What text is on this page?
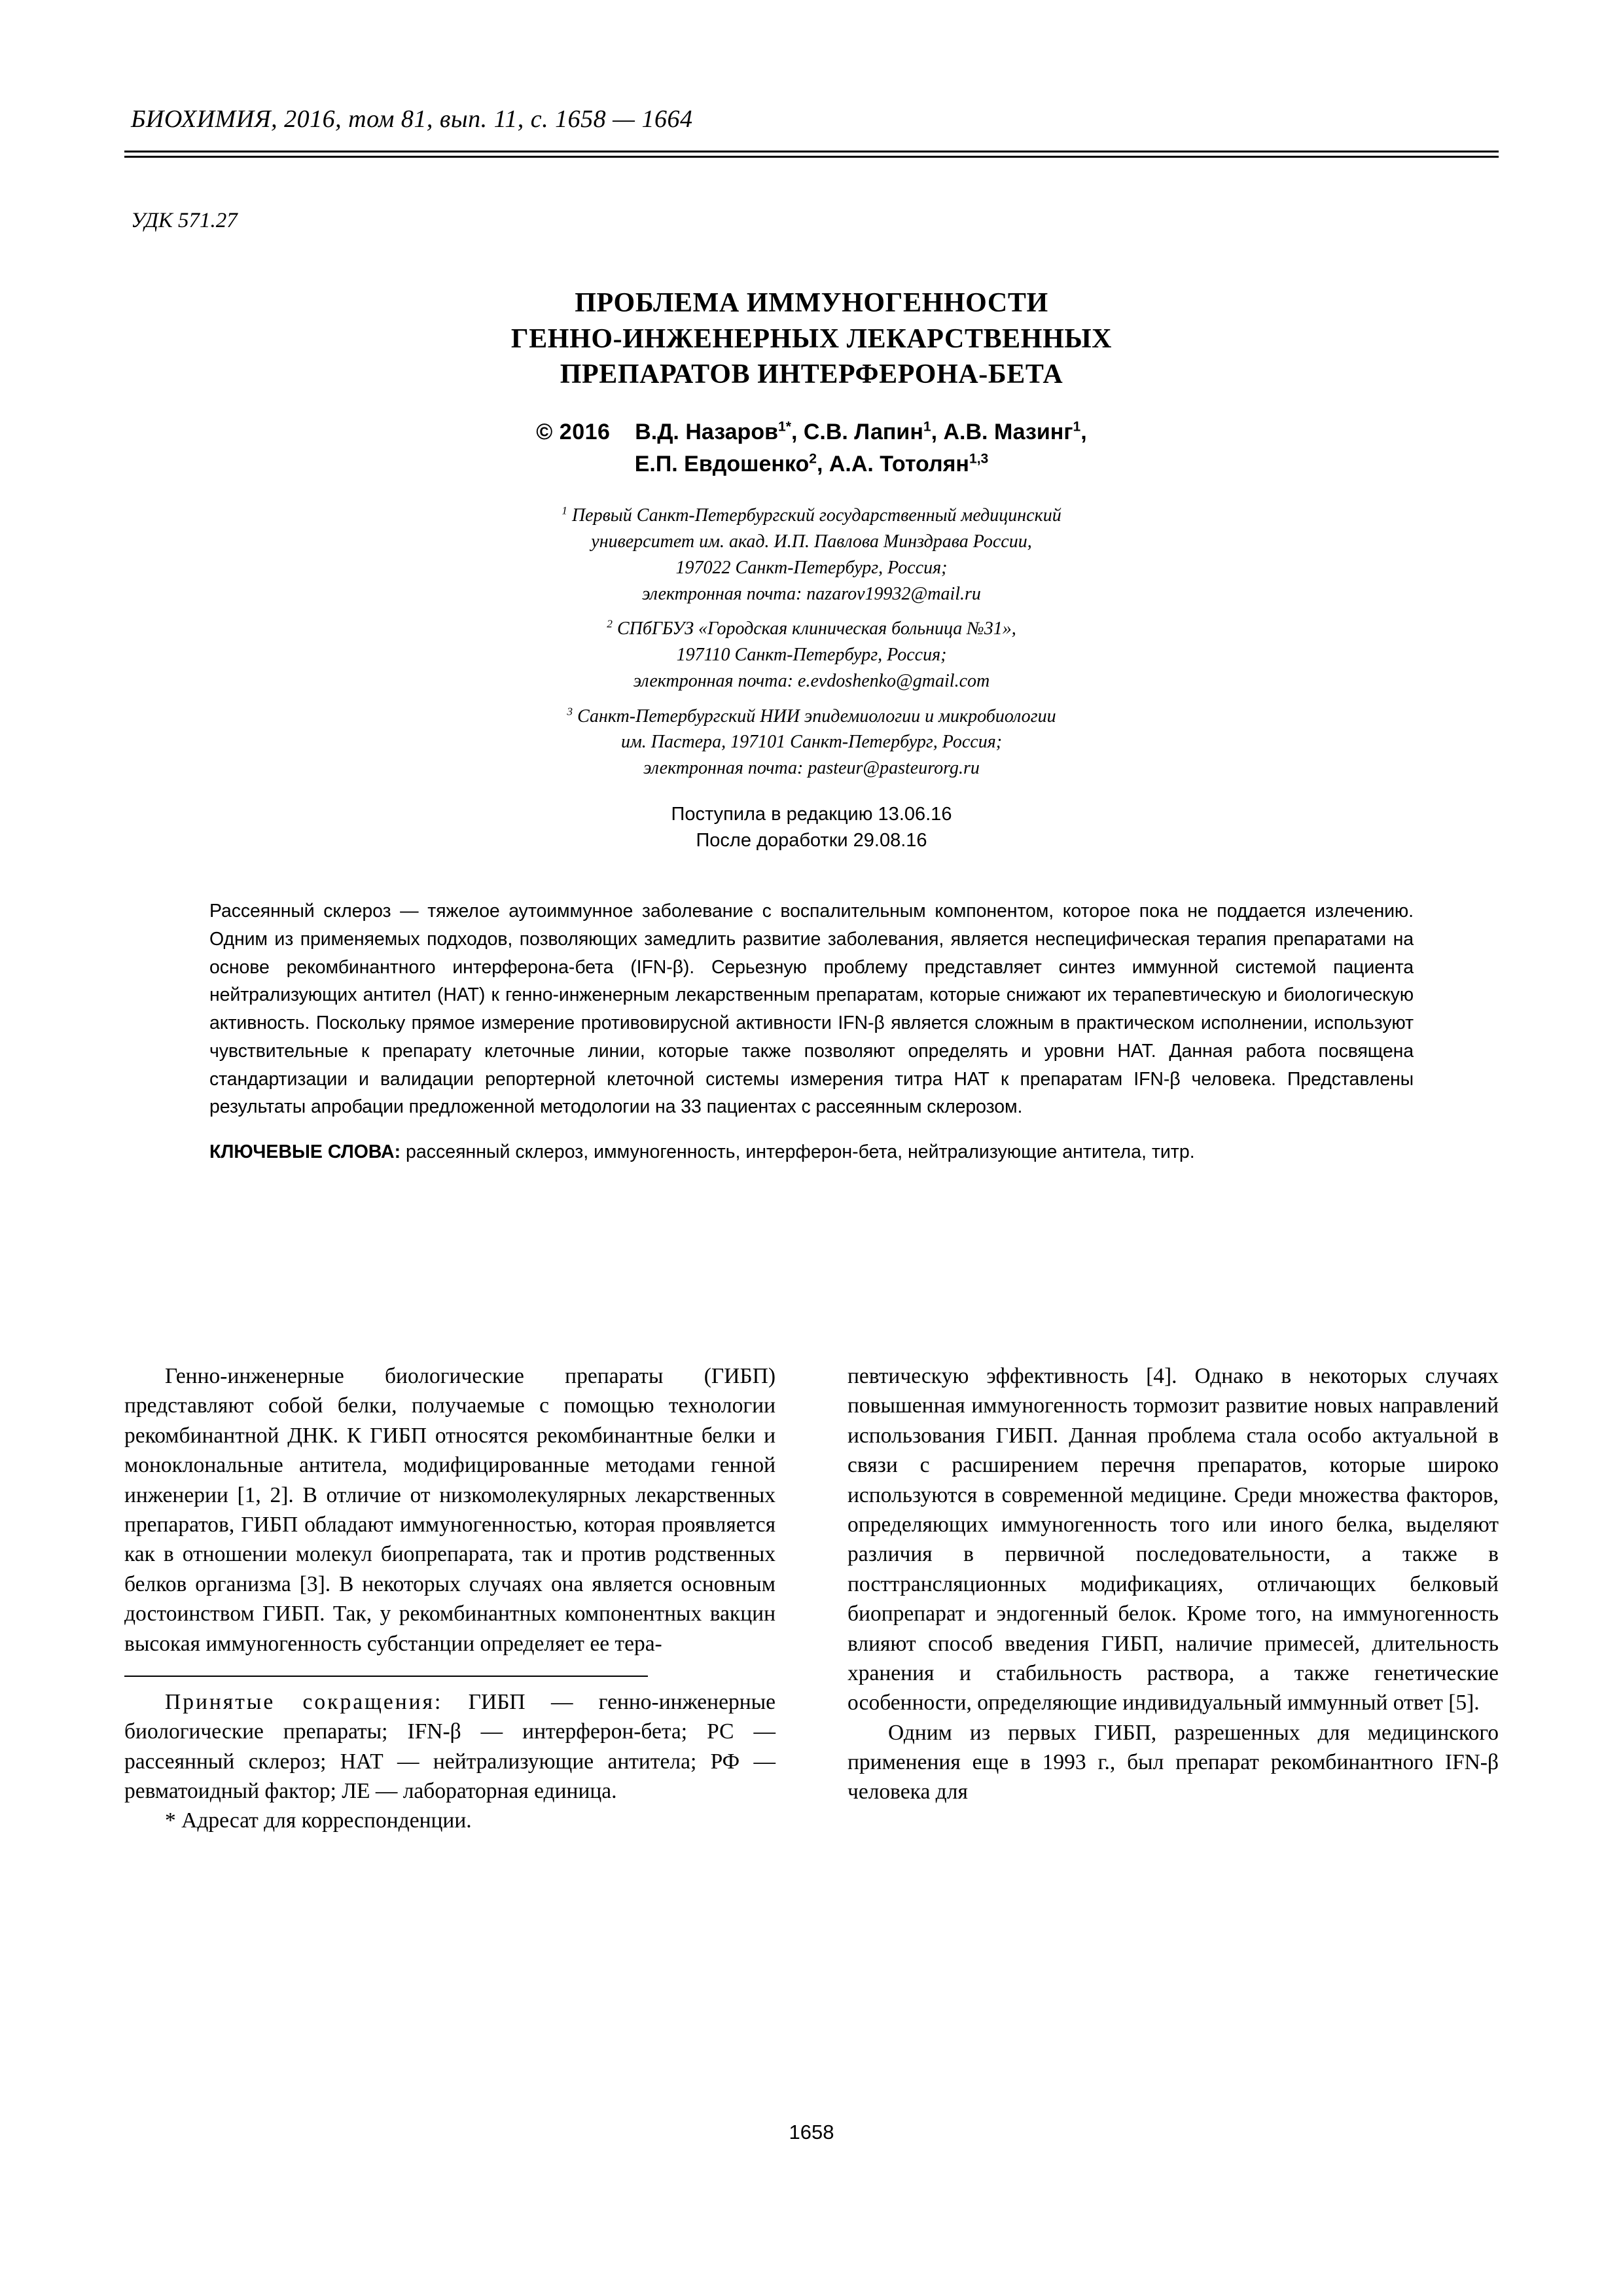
БИОХИМИЯ, 2016, том 81, вып. 11, с. 1658 — 1664
УДК 571.27
ПРОБЛЕМА ИММУНОГЕННОСТИ
ГЕННО-ИНЖЕНЕРНЫХ ЛЕКАРСТВЕННЫХ
ПРЕПАРАТОВ ИНТЕРФЕРОНА-БЕТА
© 2016    В.Д. Назаров$^{1*}$, С.В. Лапин$^1$, А.В. Мазинг$^1$,
Е.П. Евдошенко$^2$, А.А. Тотолян$^{1,3}$
$^1$ Первый Санкт-Петербургский государственный медицинский
университет им. акад. И.П. Павлова Минздрава России,
197022 Санкт-Петербург, Россия;
электронная почта: nazarov19932@mail.ru
$^2$ СПбГБУЗ «Городская клиническая больница №31»,
197110 Санкт-Петербург, Россия;
электронная почта: e.evdoshenko@gmail.com
$^3$ Санкт-Петербургский НИИ эпидемиологии и микробиологии
им. Пастера, 197101 Санкт-Петербург, Россия;
электронная почта: pasteur@pasteurorg.ru
Поступила в редакцию 13.06.16
После доработки 29.08.16
Рассеянный склероз — тяжелое аутоиммунное заболевание с воспалительным компонентом, которое пока не поддается излечению. Одним из применяемых подходов, позволяющих замедлить развитие заболевания, является неспецифическая терапия препаратами на основе рекомбинантного интерферона-бета (IFN-β). Серьезную проблему представляет синтез иммунной системой пациента нейтрализующих антител (НАТ) к генно-инженерным лекарственным препаратам, которые снижают их терапевтическую и биологическую активность. Поскольку прямое измерение противовирусной активности IFN-β является сложным в практическом исполнении, используют чувствительные к препарату клеточные линии, которые также позволяют определять и уровни НАТ. Данная работа посвящена стандартизации и валидации репортерной клеточной системы измерения титра НАТ к препаратам IFN-β человека. Представлены результаты апробации предложенной методологии на 33 пациентах с рассеянным склерозом.
КЛЮЧЕВЫЕ СЛОВА: рассеянный склероз, иммуногенность, интерферон-бета, нейтрализующие антитела, титр.

Генно-инженерные биологические препараты (ГИБП) представляют собой белки, получаемые с помощью технологии рекомбинантной ДНК. К ГИБП относятся рекомбинантные белки и моноклональные антитела, модифицированные методами генной инженерии [1, 2]. В отличие от низкомолекулярных лекарственных препаратов, ГИБП обладают иммуногенностью, которая проявляется как в отношении молекул биопрепарата, так и против родственных белков организма [3]. В некоторых случаях она является основным достоинством ГИБП. Так, у рекомбинантных компонентных вакцин высокая иммуногенность субстанции определяет ее тера-

Принятые сокращения: ГИБП — генно-инженерные биологические препараты; IFN-β — интерферон-бета; РС — рассеянный склероз; НАТ — нейтрализующие антитела; РФ — ревматоидный фактор; ЛЕ — лабораторная единица.

* Адресат для корреспонденции.

певтическую эффективность [4]. Однако в некоторых случаях повышенная иммуногенность тормозит развитие новых направлений использования ГИБП. Данная проблема стала особо актуальной в связи с расширением перечня препаратов, которые широко используются в современной медицине. Среди множества факторов, определяющих иммуногенность того или иного белка, выделяют различия в первичной последовательности, а также в посттрансляционных модификациях, отличающих белковый биопрепарат и эндогенный белок. Кроме того, на иммуногенность влияют способ введения ГИБП, наличие примесей, длительность хранения и стабильность раствора, а также генетические особенности, определяющие индивидуальный иммунный ответ [5].

Одним из первых ГИБП, разрешенных для медицинского применения еще в 1993 г., был препарат рекомбинантного IFN-β человека для

1658
